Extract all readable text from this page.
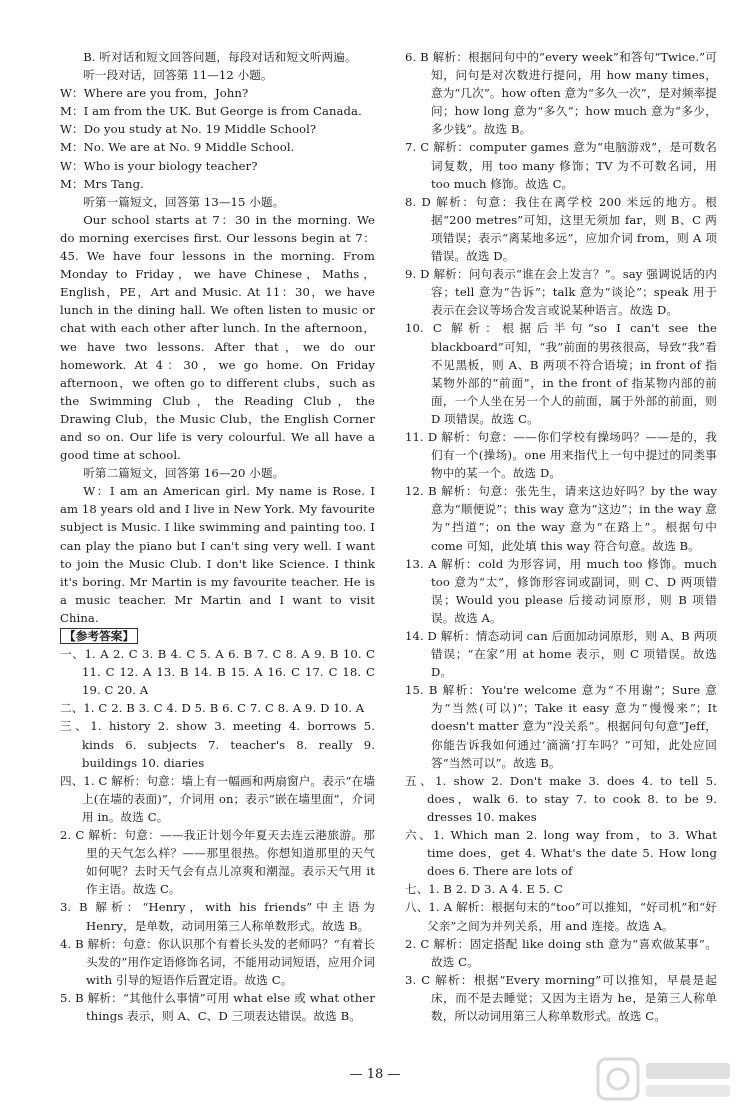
B. 听对话和短文回答问题，每段对话和短文听两遍。

听一段对话，回答第 11—12 小题。

W：Where are you from，John?

M：I am from the UK. But George is from Canada.

W：Do you study at No. 19 Middle School?

M：No. We are at No. 9 Middle School.

W：Who is your biology teacher?

M：Mrs Tang.

听第一篇短文，回答第 13—15 小题。

Our school starts at 7：30 in the morning. We do morning exercises first. Our lessons begin at 7：45. We have four lessons in the morning. From Monday to Friday，we have Chinese，Maths，English，PE，Art and Music. At 11：30，we have lunch in the dining hall. We often listen to music or chat with each other after lunch. In the afternoon，we have two lessons. After that，we do our homework. At 4：30，we go home. On Friday afternoon，we often go to different clubs，such as the Swimming Club，the Reading Club，the Drawing Club，the Music Club，the English Corner and so on. Our life is very colourful. We all have a good time at school.

听第二篇短文，回答第 16—20 小题。

W：I am an American girl. My name is Rose. I am 18 years old and I live in New York. My favourite subject is Music. I like swimming and painting too. I can play the piano but I can't sing very well. I want to join the Music Club. I don't like Science. I think it's boring. Mr Martin is my favourite teacher. He is a music teacher. Mr Martin and I want to visit China.

【参考答案】

一、1. A 2. C 3. B 4. C 5. A 6. B 7. C 8. A 9. B 10. C 11. C 12. A 13. B 14. B 15. A 16. C 17. C 18. C 19. C 20. A

二、1. C 2. B 3. C 4. D 5. B 6. C 7. C 8. A 9. D 10. A

三、1. history 2. show 3. meeting 4. borrows 5. kinds 6. subjects 7. teacher's 8. really 9. buildings 10. diaries

四、1. C 解析：句意：墙上有一幅画和两扇窗户。表示“在墙上(在墙的表面)”，介词用 on；表示“嵌在墙里面”，介词用 in。故选 C。

2. C 解析：句意：——我正计划今年夏天去连云港旅游。那里的天气怎么样？——那里很热。你想知道那里的天气如何呢？去时天气会有点儿凉爽和潮湿。表示天气用 it 作主语。故选 C。

3. B 解析：“Henry，with his friends”中主语为 Henry，是单数，动词用第三人称单数形式。故选 B。

4. B 解析：句意：你认识那个有着长头发的老师吗？“有着长头发的”用作定语修饰名词，不能用动词短语，应用介词 with 引导的短语作后置定语。故选 C。

5. B 解析：“其他什么事情”可用 what else 或 what other things 表示，则 A、C、D 三项表达错误。故选 B。

6. B 解析：根据问句中的“every week”和答句“Twice.”可知，问句是对次数进行提问，用 how many times，意为“几次”。how often 意为“多久一次”，是对频率提问；how long 意为“多久”；how much 意为“多少，多少钱”。故选 B。

7. C 解析：computer games 意为“电脑游戏”，是可数名词复数，用 too many 修饰；TV 为不可数名词，用 too much 修饰。故选 C。

8. D 解析：句意：我住在离学校 200 米远的地方。根据“200 metres”可知，这里无须加 far，则 B、C 两项错误；表示“离某地多远”，应加介词 from，则 A 项错误。故选 D。

9. D 解析：问句表示“谁在会上发言？”。say 强调说话的内容；tell 意为“告诉”；talk 意为“谈论”；speak 用于表示在会议等场合发言或说某种语言。故选 D。

10. C 解析：根据后半句“so I can't see the blackboard”可知，“我”前面的男孩很高，导致“我”看不见黑板，则 A、B 两项不符合语境；in front of 指某物外部的“前面”，in the front of 指某物内部的前面，一个人坐在另一个人的前面，属于外部的前面，则 D 项错误。故选 C。

11. D 解析：句意：——你们学校有操场吗？——是的，我们有一个(操场)。one 用来指代上一句中提过的同类事物中的某一个。故选 D。

12. B 解析：句意：张先生，请来这边好吗？by the way 意为“顺便说”；this way 意为“这边”；in the way 意为“挡道”；on the way 意为“在路上”。根据句中 come 可知，此处填 this way 符合句意。故选 B。

13. A 解析：cold 为形容词，用 much too 修饰。much too 意为“太”，修饰形容词或副词，则 C、D 两项错误；Would you please 后接动词原形，则 B 项错误。故选 A。

14. D 解析：情态动词 can 后面加动词原形，则 A、B 两项错误；“在家”用 at home 表示，则 C 项错误。故选 D。

15. B 解析：You're welcome 意为“不用谢”；Sure 意为“当然(可以)”；Take it easy 意为“慢慢来”；It doesn't matter 意为“没关系”。根据问句句意“Jeff，你能告诉我如何通过‘滴滴’打车吗？”可知，此处应回答“当然可以”。故选 B。

五、1. show 2. Don't make 3. does 4. to tell 5. does，walk 6. to stay 7. to cook 8. to be 9. dresses 10. makes

六、1. Which man 2. long way from，to 3. What time does，get 4. What's the date 5. How long does 6. There are lots of

七、1. B 2. D 3. A 4. E 5. C

八、1. A 解析：根据句末的“too”可以推知，“好司机”和“好父亲”之间为并列关系，用 and 连接。故选 A。

2. C 解析：固定搭配 like doing sth 意为“喜欢做某事”。故选 C。

3. C 解析：根据“Every morning”可以推知，早晨是起床，而不是去睡觉；又因为主语为 he，是第三人称单数，所以动词用第三人称单数形式。故选 C。

— 18 —
